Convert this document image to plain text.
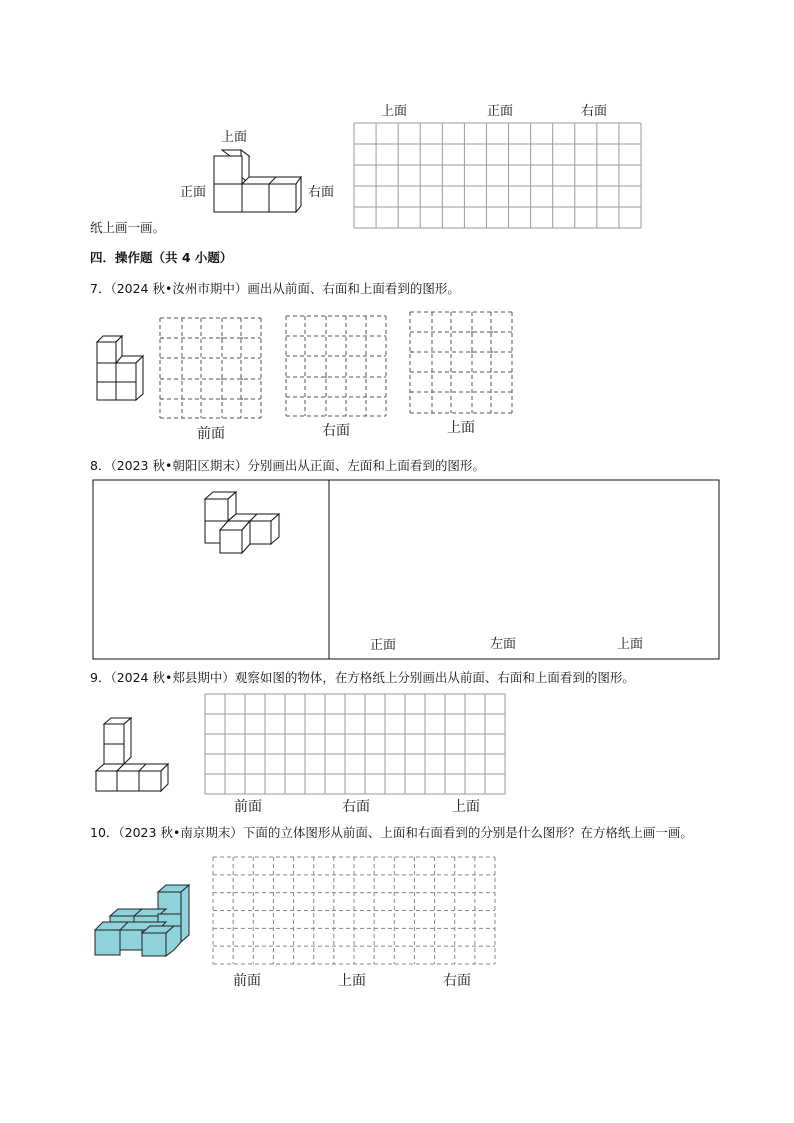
上面
正面	右面
上面	正面	右面
纸上画一画。
四．操作题（共 4 小题）
7．（2024 秋•汝州市期中）画出从前面、右面和上面看到的图形。
前面	右面	上面
8．（2023 秋•朝阳区期末）分别画出从正面、左面和上面看到的图形。
正面	左面	上面
9．（2024 秋•郏县期中）观察如图的物体，在方格纸上分别画出从前面、右面和上面看到的图形。
前面	右面	上面
10．（2023 秋•南京期末）下面的立体图形从前面、上面和右面看到的分别是什么图形？在方格纸上画一画。
前面	上面	右面
